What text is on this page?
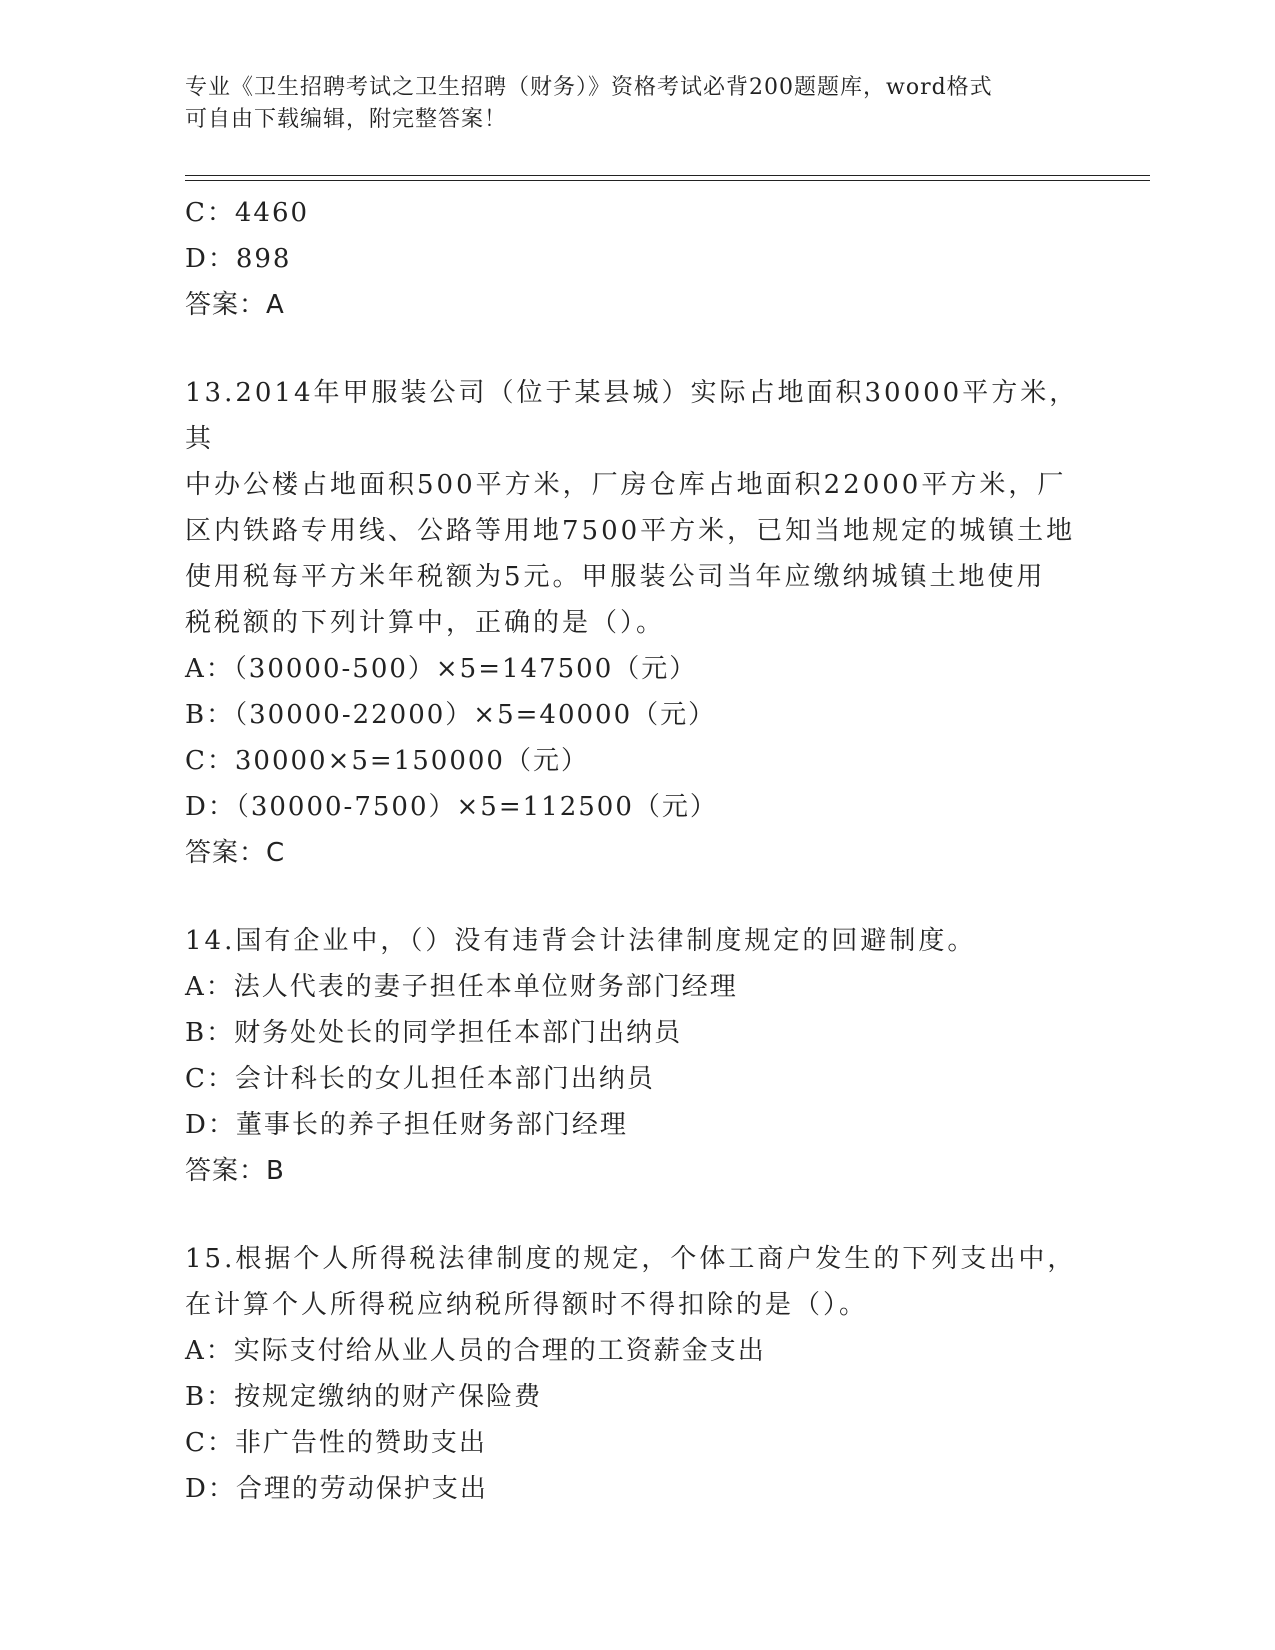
专业《卫生招聘考试之卫生招聘（财务）》资格考试必背200题题库，word格式
可自由下载编辑，附完整答案！
C：4460
D：898
答案：A
13.2014年甲服装公司（位于某县城）实际占地面积30000平方米，其
中办公楼占地面积500平方米，厂房仓库占地面积22000平方米，厂
区内铁路专用线、公路等用地7500平方米，已知当地规定的城镇土地
使用税每平方米年税额为5元。甲服装公司当年应缴纳城镇土地使用
税税额的下列计算中，正确的是（）。
A：（30000-500）×5=147500（元）
B：（30000-22000）×5=40000（元）
C：30000×5=150000（元）
D：（30000-7500）×5=112500（元）
答案：C
14.国有企业中，（）没有违背会计法律制度规定的回避制度。
A：法人代表的妻子担任本单位财务部门经理
B：财务处处长的同学担任本部门出纳员
C：会计科长的女儿担任本部门出纳员
D：董事长的养子担任财务部门经理
答案：B
15.根据个人所得税法律制度的规定，个体工商户发生的下列支出中，
在计算个人所得税应纳税所得额时不得扣除的是（）。
A：实际支付给从业人员的合理的工资薪金支出
B：按规定缴纳的财产保险费
C：非广告性的赞助支出
D：合理的劳动保护支出
